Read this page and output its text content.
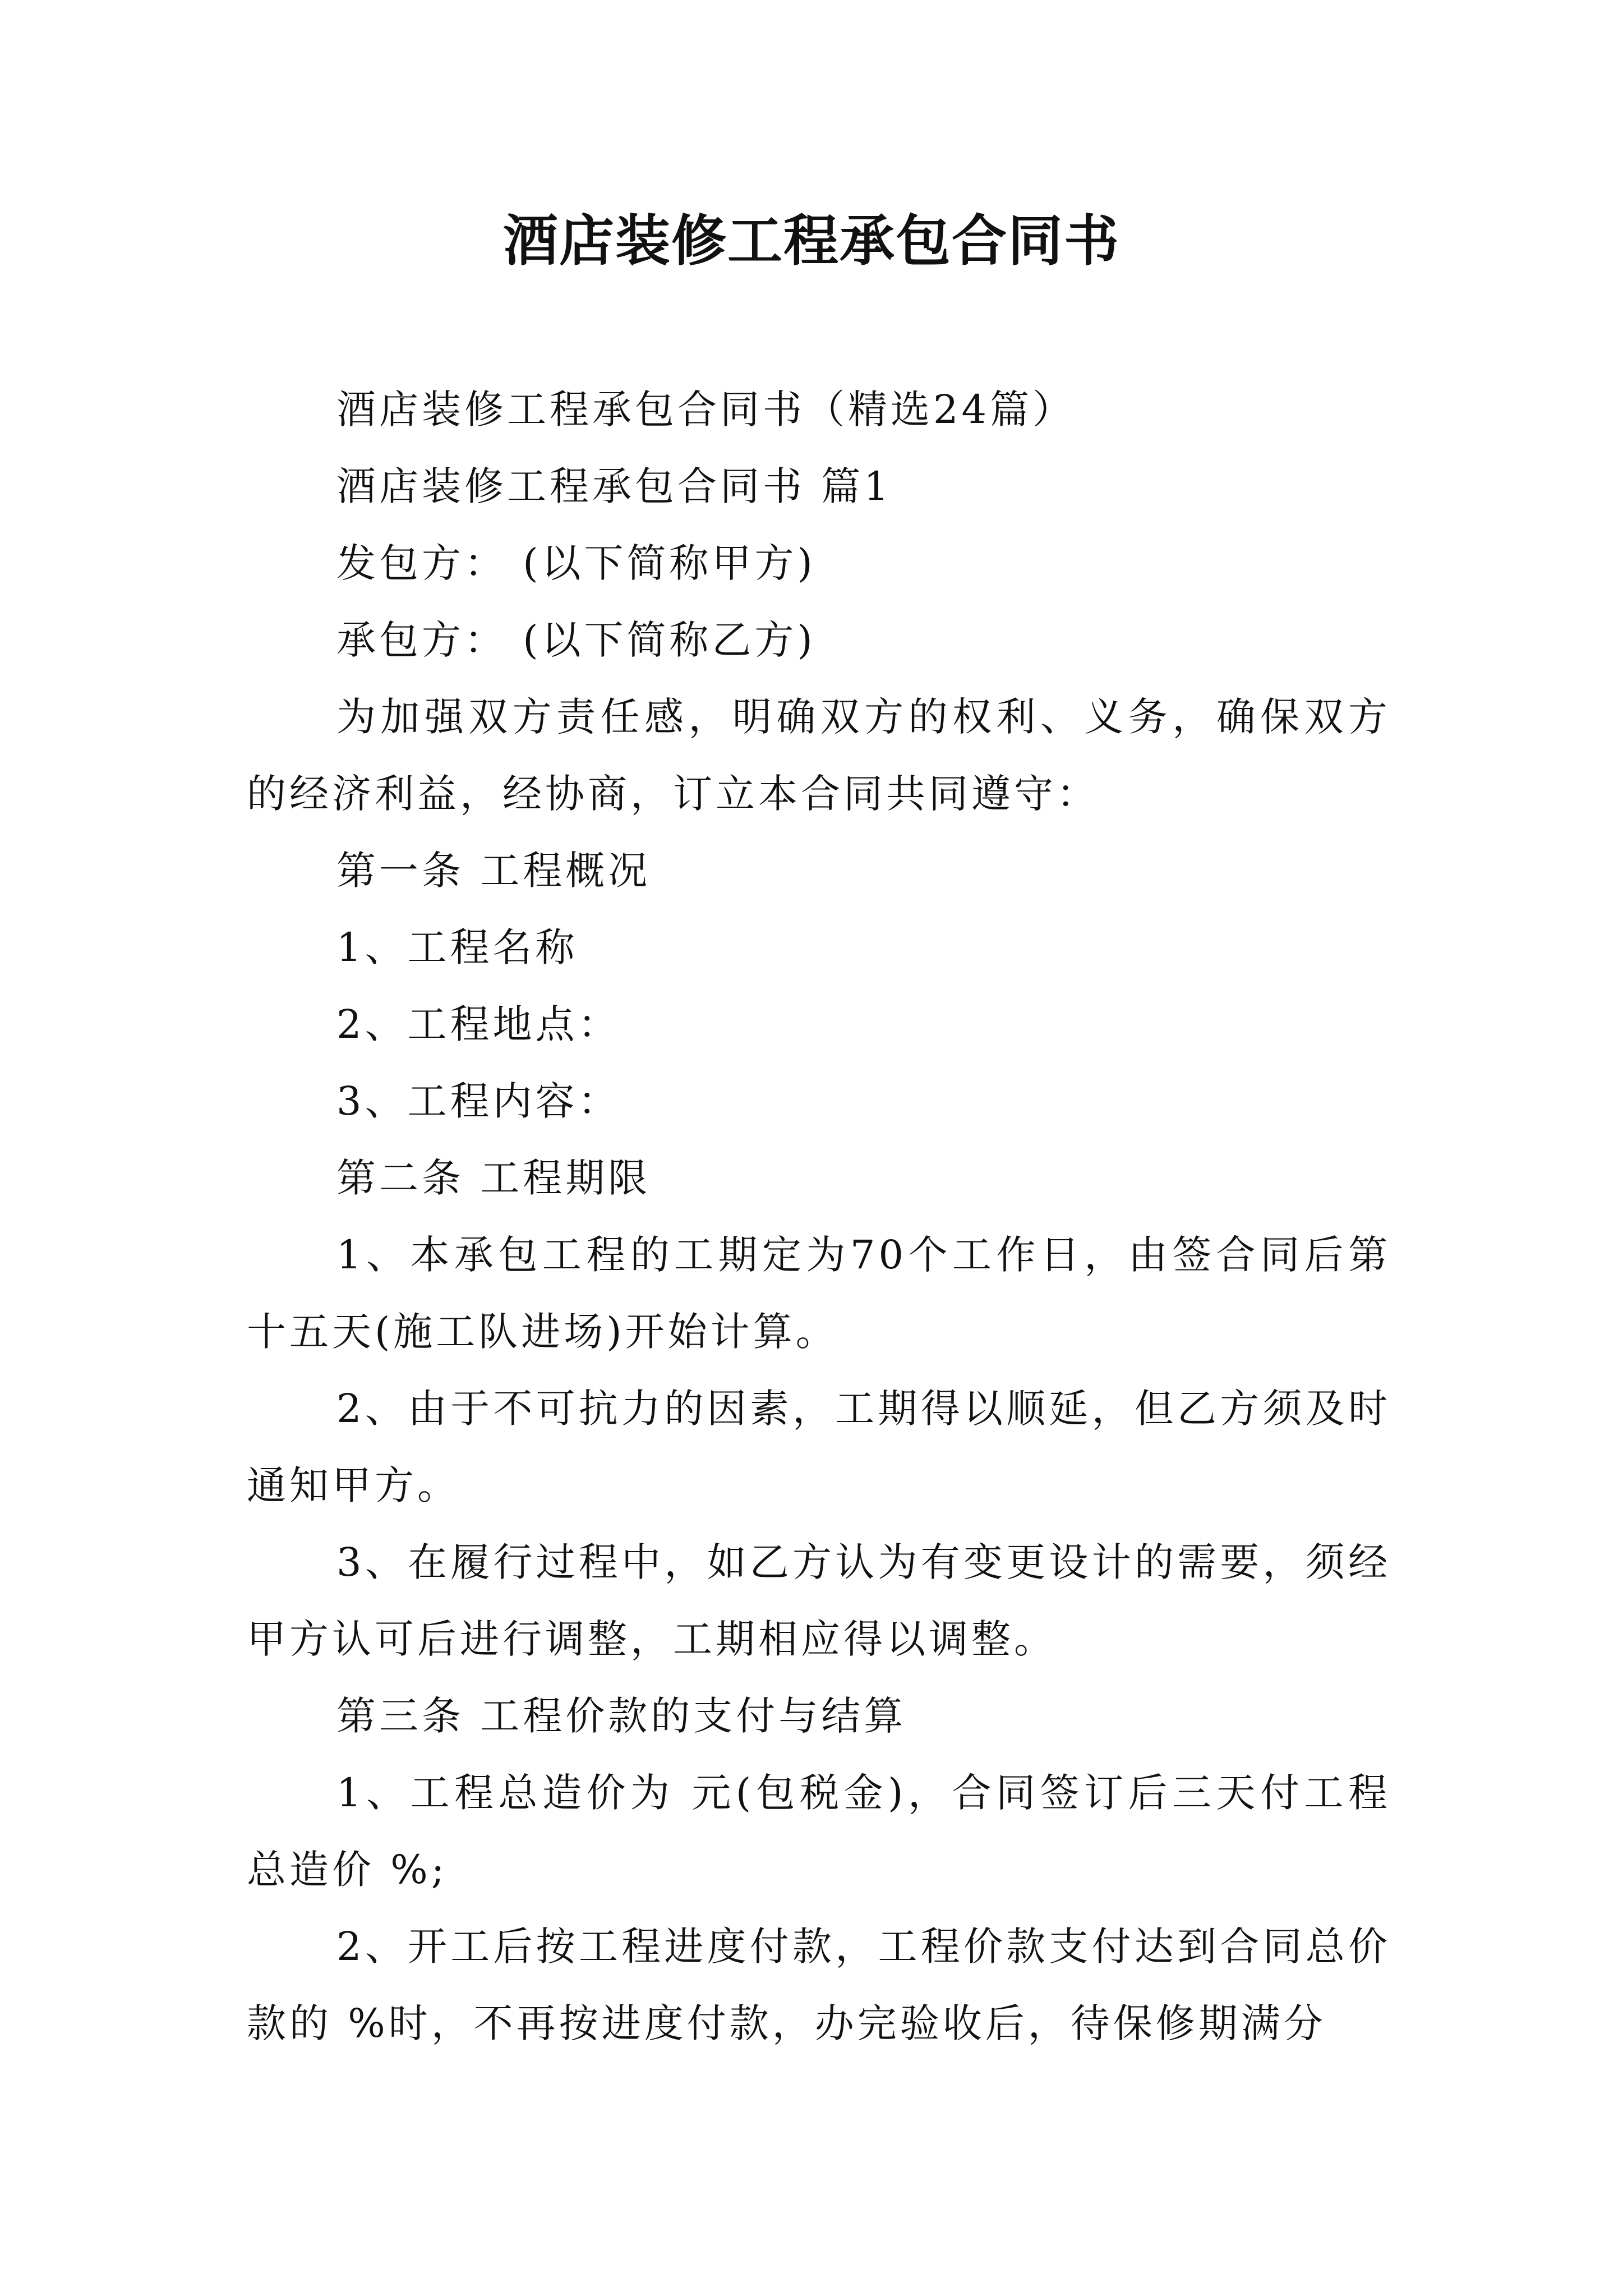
酒店装修工程承包合同书

酒店装修工程承包合同书（精选24篇）

酒店装修工程承包合同书 篇1

发包方： (以下简称甲方)

承包方： (以下简称乙方)

为加强双方责任感，明确双方的权利、义务，确保双方的经济利益，经协商，订立本合同共同遵守：

第一条 工程概况

1、工程名称

2、工程地点：

3、工程内容：

第二条 工程期限

1、本承包工程的工期定为70个工作日，由签合同后第十五天(施工队进场)开始计算。

2、由于不可抗力的因素，工期得以顺延，但乙方须及时通知甲方。

3、在履行过程中，如乙方认为有变更设计的需要，须经甲方认可后进行调整，工期相应得以调整。

第三条 工程价款的支付与结算

1、工程总造价为 元(包税金)，合同签订后三天付工程总造价 %;

2、开工后按工程进度付款，工程价款支付达到合同总价款的 %时，不再按进度付款，办完验收后，待保修期满分
